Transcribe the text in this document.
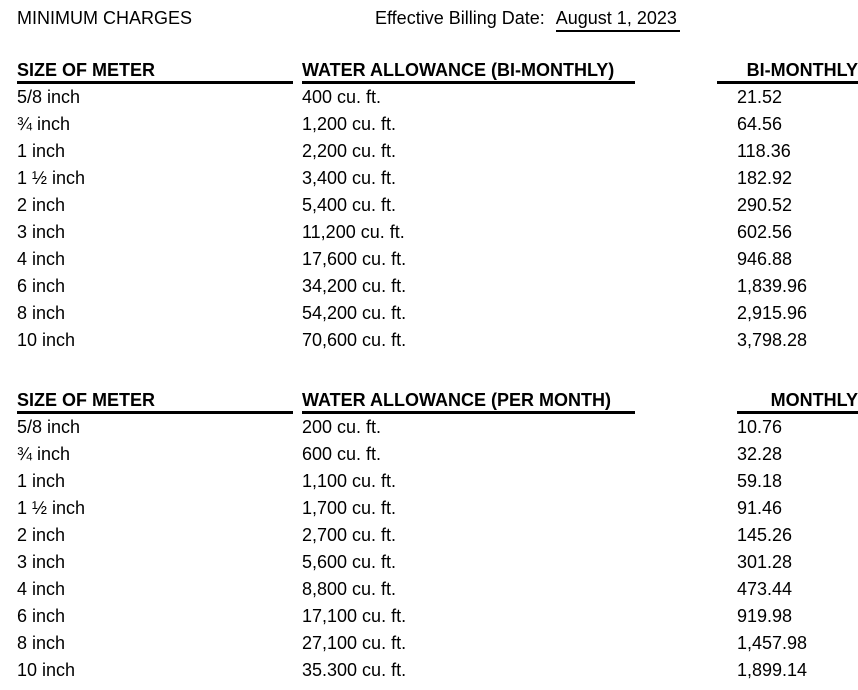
MINIMUM CHARGES	Effective Billing Date: August 1, 2023
SIZE OF METER	WATER ALLOWANCE (BI-MONTHLY)	BI-MONTHLY
5/8 inch	400 cu. ft.	21.52
¾ inch	1,200 cu. ft.	64.56
1 inch	2,200 cu. ft.	118.36
1 ½ inch	3,400 cu. ft.	182.92
2 inch	5,400 cu. ft.	290.52
3 inch	11,200 cu. ft.	602.56
4 inch	17,600 cu. ft.	946.88
6 inch	34,200 cu. ft.	1,839.96
8 inch	54,200 cu. ft.	2,915.96
10 inch	70,600 cu. ft.	3,798.28
SIZE OF METER	WATER ALLOWANCE (PER MONTH)	MONTHLY
5/8 inch	200 cu. ft.	10.76
¾ inch	600 cu. ft.	32.28
1 inch	1,100 cu. ft.	59.18
1 ½ inch	1,700 cu. ft.	91.46
2 inch	2,700 cu. ft.	145.26
3 inch	5,600 cu. ft.	301.28
4 inch	8,800 cu. ft.	473.44
6 inch	17,100 cu. ft.	919.98
8 inch	27,100 cu. ft.	1,457.98
10 inch	35.300 cu. ft.	1,899.14
